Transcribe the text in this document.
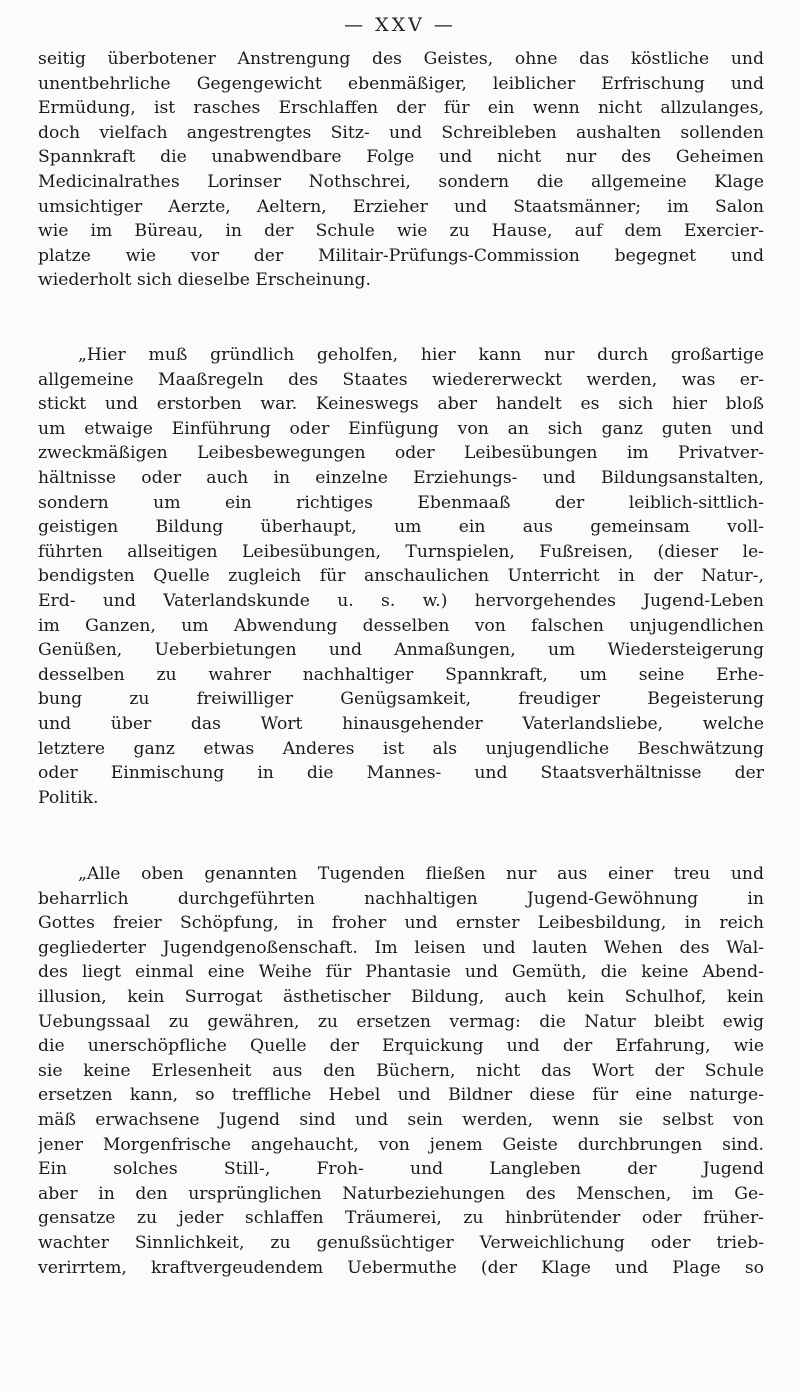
— XXV —
seitig überbotener Anstrengung des Geistes, ohne das köstliche und
unentbehrliche Gegengewicht ebenmäßiger, leiblicher Erfrischung und
Ermüdung, ist rasches Erschlaffen der für ein wenn nicht allzulanges,
doch vielfach angestrengtes Sitz- und Schreibleben aushalten sollenden
Spannkraft die unabwendbare Folge und nicht nur des Geheimen
Medicinalrathes Lorinser Nothschrei, sondern die allgemeine Klage
umsichtiger Aerzte, Aeltern, Erzieher und Staatsmänner; im Salon
wie im Büreau, in der Schule wie zu Hause, auf dem Exercier-
platze wie vor der Militair-Prüfungs-Commission begegnet und
wiederholt sich dieselbe Erscheinung.
„Hier muß gründlich geholfen, hier kann nur durch großartige
allgemeine Maaßregeln des Staates wiedererweckt werden, was er-
stickt und erstorben war. Keineswegs aber handelt es sich hier bloß
um etwaige Einführung oder Einfügung von an sich ganz guten und
zweckmäßigen Leibesbewegungen oder Leibesübungen im Privatver-
hältnisse oder auch in einzelne Erziehungs- und Bildungsanstalten,
sondern um ein richtiges Ebenmaaß der leiblich-sittlich-
geistigen Bildung überhaupt, um ein aus gemeinsam voll-
führten allseitigen Leibesübungen, Turnspielen, Fußreisen, (dieser le-
bendigsten Quelle zugleich für anschaulichen Unterricht in der Natur-,
Erd- und Vaterlandskunde u. s. w.) hervorgehendes Jugend-Leben
im Ganzen, um Abwendung desselben von falschen unjugendlichen
Genüßen, Ueberbietungen und Anmaßungen, um Wiedersteigerung
desselben zu wahrer nachhaltiger Spannkraft, um seine Erhe-
bung zu freiwilliger Genügsamkeit, freudiger Begeisterung
und über das Wort hinausgehender Vaterlandsliebe, welche
letztere ganz etwas Anderes ist als unjugendliche Beschwätzung
oder Einmischung in die Mannes- und Staatsverhältnisse der
Politik.
„Alle oben genannten Tugenden fließen nur aus einer treu und
beharrlich durchgeführten nachhaltigen Jugend-Gewöhnung in
Gottes freier Schöpfung, in froher und ernster Leibesbildung, in reich
gegliederter Jugendgenoßenschaft. Im leisen und lauten Wehen des Wal-
des liegt einmal eine Weihe für Phantasie und Gemüth, die keine Abend-
illusion, kein Surrogat ästhetischer Bildung, auch kein Schulhof, kein
Uebungssaal zu gewähren, zu ersetzen vermag: die Natur bleibt ewig
die unerschöpfliche Quelle der Erquickung und der Erfahrung, wie
sie keine Erlesenheit aus den Büchern, nicht das Wort der Schule
ersetzen kann, so treffliche Hebel und Bildner diese für eine naturge-
mäß erwachsene Jugend sind und sein werden, wenn sie selbst von
jener Morgenfrische angehaucht, von jenem Geiste durchbrungen sind.
Ein solches Still-, Froh- und Langleben der Jugend
aber in den ursprünglichen Naturbeziehungen des Menschen, im Ge-
gensatze zu jeder schlaffen Träumerei, zu hinbrütender oder früher-
wachter Sinnlichkeit, zu genußsüchtiger Verweichlichung oder trieb-
verirrtem, kraftvergeudendem Uebermuthe (der Klage und Plage so
